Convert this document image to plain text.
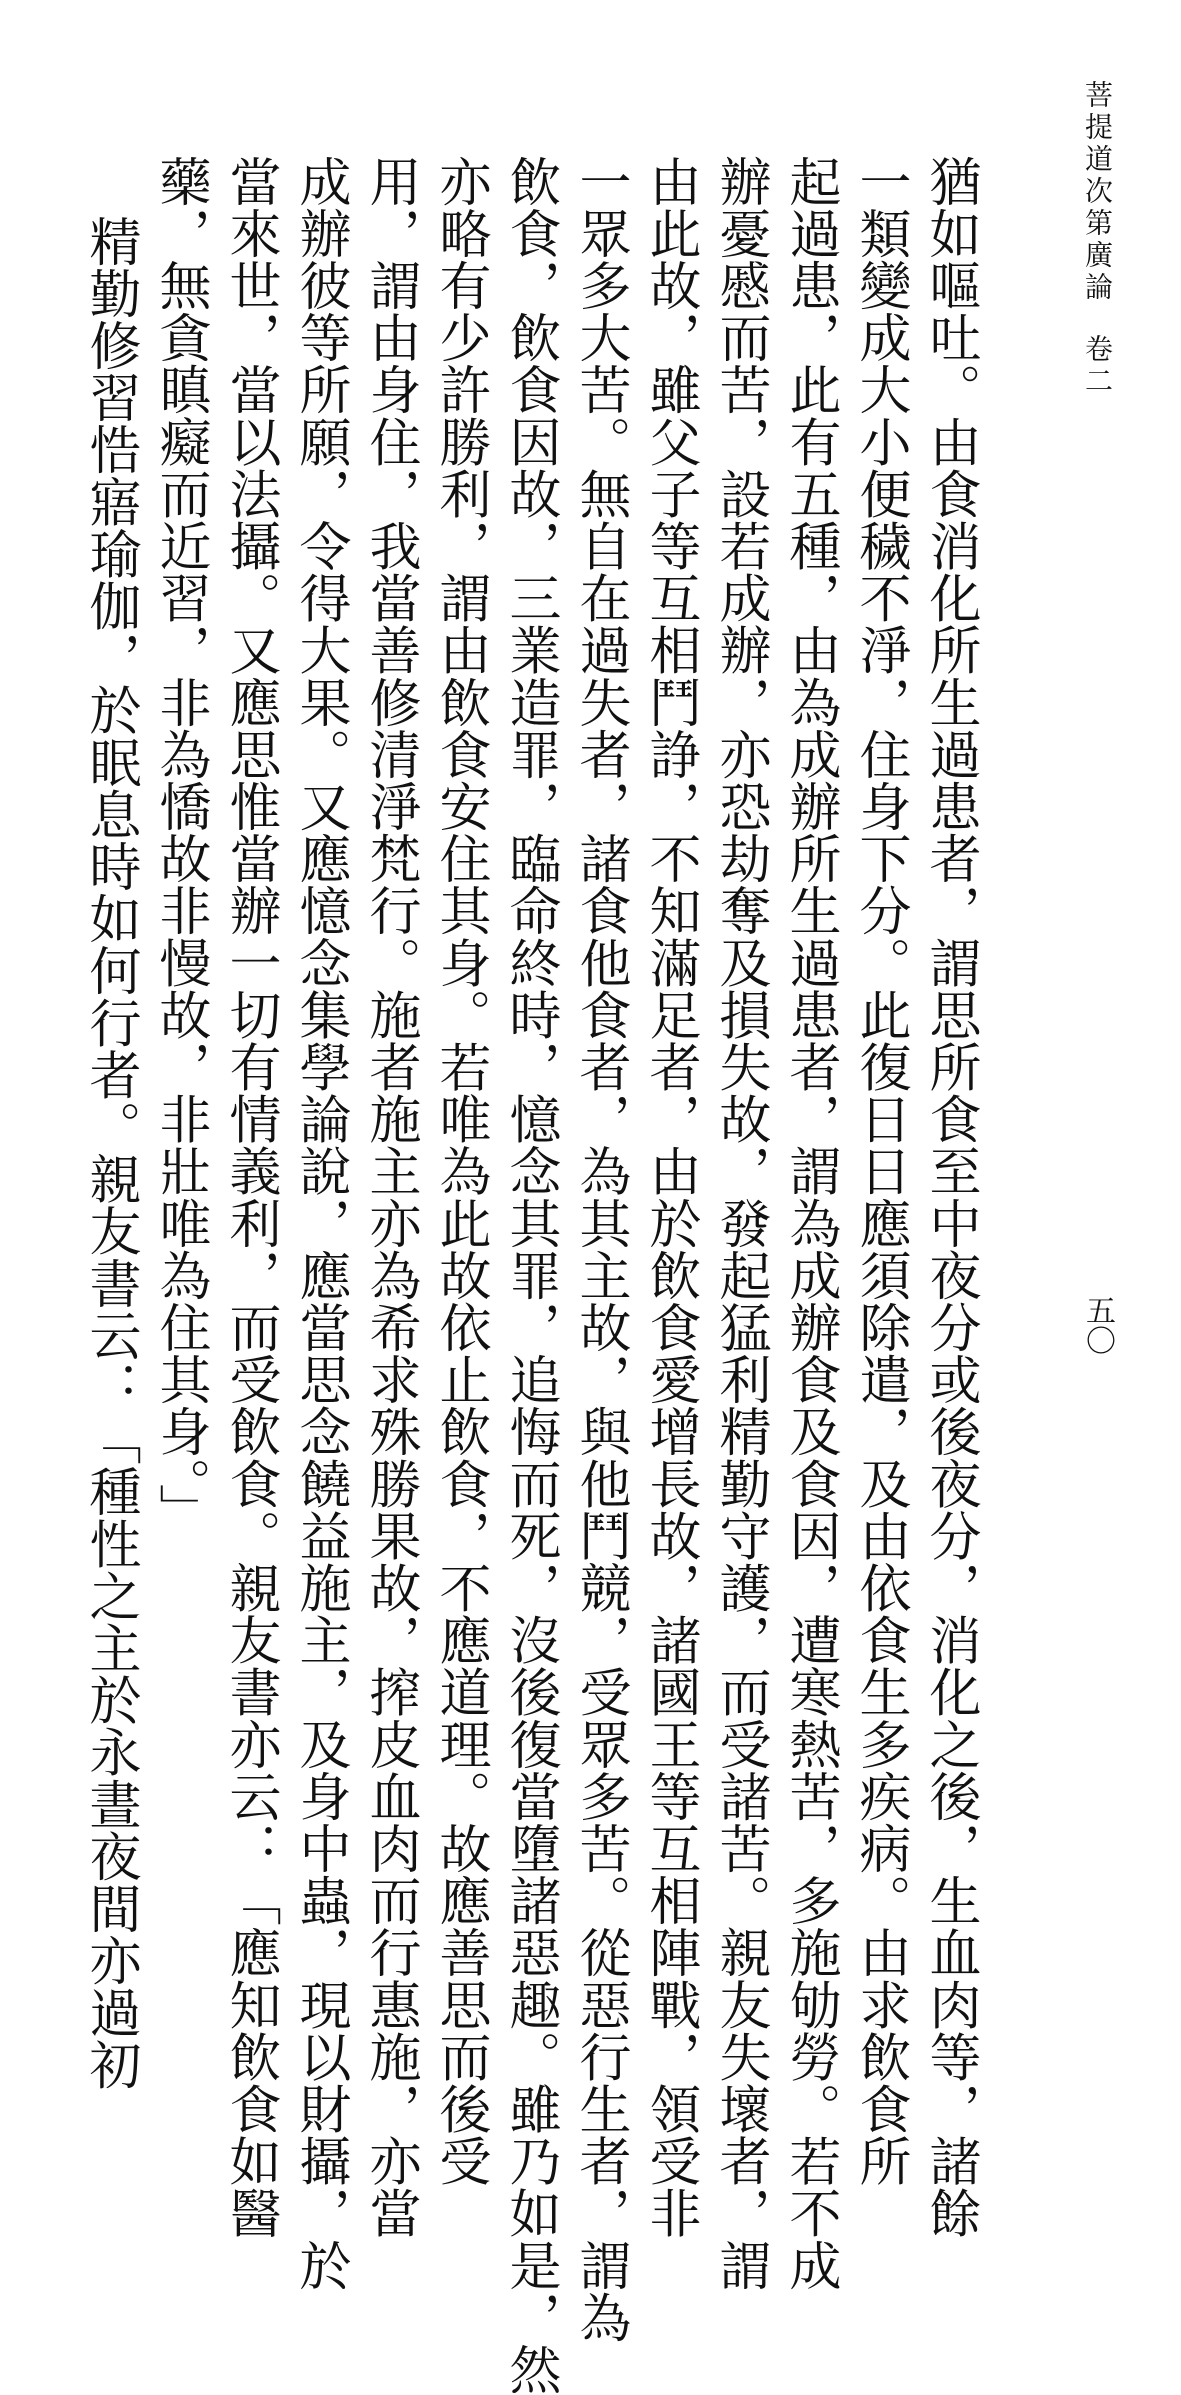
菩提道次第廣論卷二
五〇
猶如嘔吐。由食消化所生過患者，謂思所食至中夜分或後夜分，消化之後，生血肉等，諸餘
一類變成大小便穢不淨，住身下分。此復日日應須除遣，及由依食生多疾病。由求飲食所
起過患，此有五種，由為成辦所生過患者，謂為成辦食及食因，遭寒熱苦，多施劬勞。若不成
辦憂慼而苦，設若成辦，亦恐劫奪及損失故，發起猛利精勤守護，而受諸苦。親友失壞者，謂
由此故，雖父子等互相鬥諍，不知滿足者，由於飲食愛增長故，諸國王等互相陣戰，領受非
一眾多大苦。無自在過失者，諸食他食者，為其主故，與他鬥競，受眾多苦。從惡行生者，謂為
飲食，飲食因故，三業造罪，臨命終時，憶念其罪，追悔而死，沒後復當墮諸惡趣。雖乃如是，然
亦略有少許勝利，謂由飲食安住其身。若唯為此故依止飲食，不應道理。故應善思而後受
用，謂由身住，我當善修清淨梵行。施者施主亦為希求殊勝果故，搾皮血肉而行惠施，亦當
成辦彼等所願，令得大果。又應憶念集學論說，應當思念饒益施主，及身中蟲，現以財攝，於
當來世，當以法攝。又應思惟當辦一切有情義利，而受飲食。親友書亦云：「應知飲食如醫
藥，無貪瞋癡而近習，非為憍故非慢故，非壯唯為住其身。」
精勤修習悎寤瑜伽，於眠息時如何行者。親友書云：「種性之主於永晝夜間亦過初
